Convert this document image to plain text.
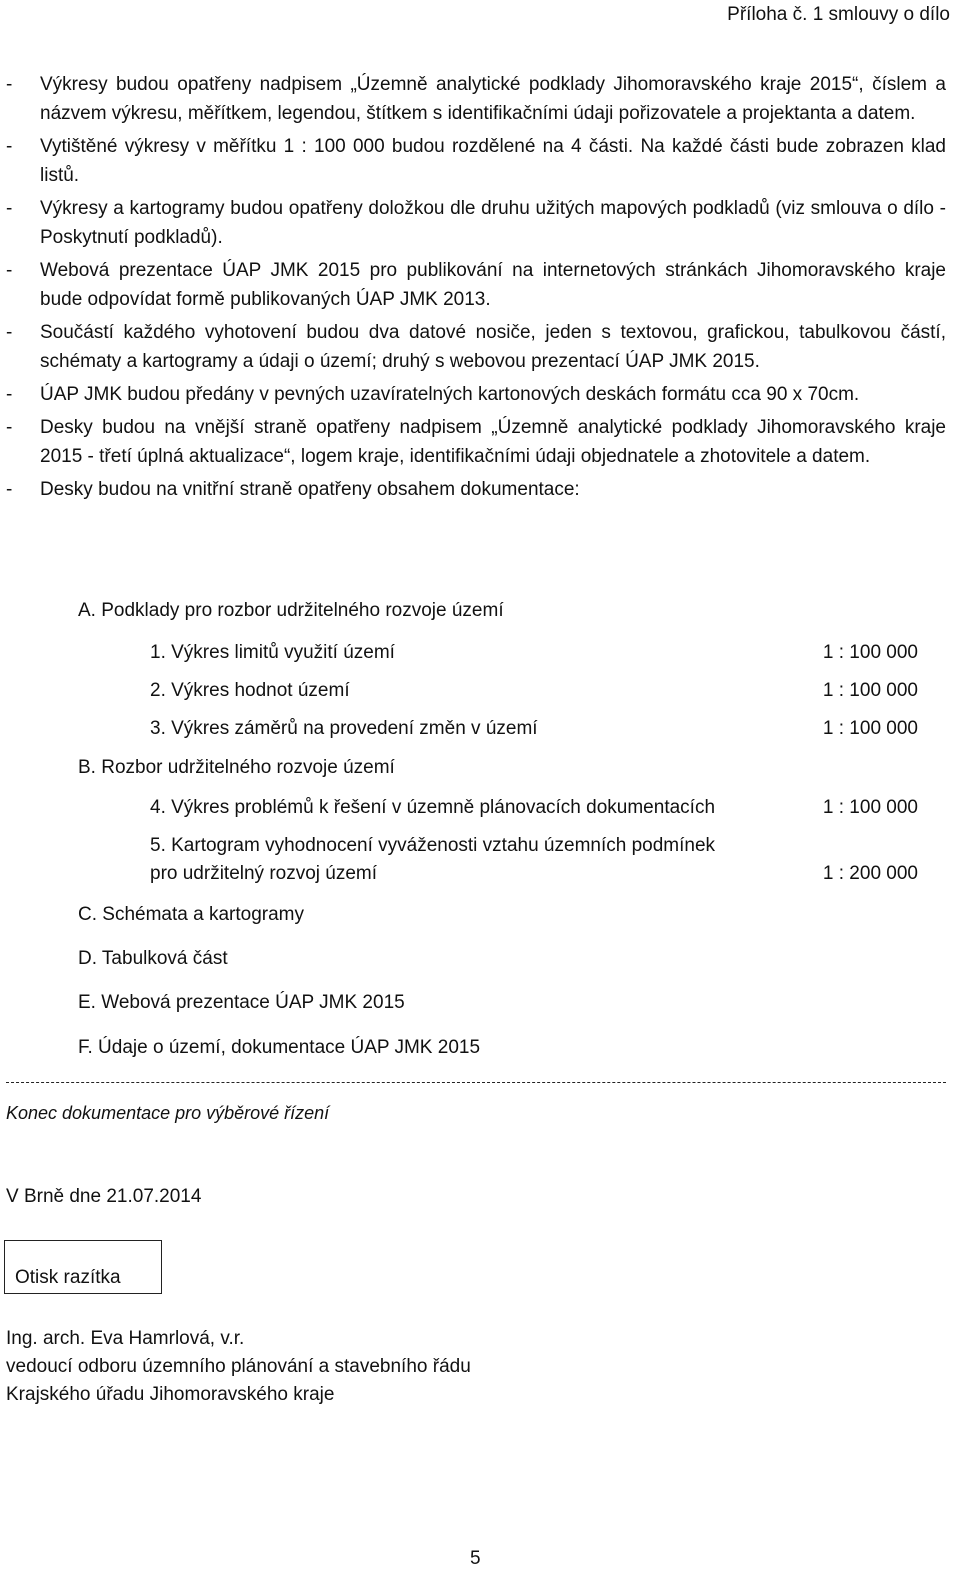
Příloha č. 1 smlouvy o dílo
- Výkresy budou opatřeny nadpisem „Územně analytické podklady Jihomoravského kraje 2015“, číslem a názvem výkresu, měřítkem, legendou, štítkem s identifikačními údaji pořizovatele a projektanta a datem.
- Vytištěné výkresy v měřítku 1 : 100 000 budou rozdělené na 4 části. Na každé části bude zobrazen klad listů.
- Výkresy a kartogramy budou opatřeny doložkou dle druhu užitých mapových podkladů (viz smlouva o dílo - Poskytnutí podkladů).
- Webová prezentace ÚAP JMK 2015 pro publikování na internetových stránkách Jihomoravského kraje bude odpovídat formě publikovaných ÚAP JMK 2013.
- Součástí každého vyhotovení budou dva datové nosiče, jeden s textovou, grafickou, tabulkovou částí, schématy a kartogramy a údaji o území; druhý s webovou prezentací ÚAP JMK 2015.
- ÚAP JMK budou předány v pevných uzavíratelných kartonových deskách formátu cca 90 x 70cm.
- Desky budou na vnější straně opatřeny nadpisem „Územně analytické podklady Jihomoravského kraje 2015 - třetí úplná aktualizace“, logem kraje, identifikačními údaji objednatele a zhotovitele a datem.
- Desky budou na vnitřní straně opatřeny obsahem dokumentace:
A. Podklady pro rozbor udržitelného rozvoje území
1. Výkres limitů využití území	1 : 100 000
2. Výkres hodnot území	1 : 100 000
3. Výkres záměrů na provedení změn v území	1 : 100 000
B. Rozbor udržitelného rozvoje území
4. Výkres problémů k řešení v územně plánovacích dokumentacích	1 : 100 000
5. Kartogram vyhodnocení vyváženosti vztahu územních podmínek
pro udržitelný rozvoj území	1 : 200 000
C. Schémata a kartogramy
D. Tabulková část
E. Webová prezentace ÚAP JMK 2015
F. Údaje o území, dokumentace ÚAP JMK 2015
Konec dokumentace pro výběrové řízení
V Brně dne 21.07.2014
Otisk razítka
Ing. arch. Eva Hamrlová, v.r.
vedoucí odboru územního plánování a stavebního řádu
Krajského úřadu Jihomoravského kraje
5
